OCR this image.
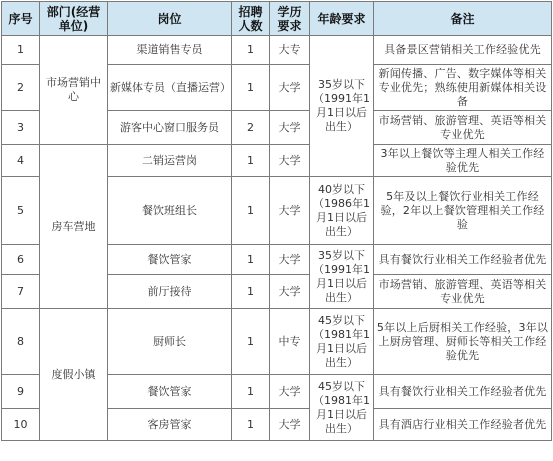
序号	部门(经营单位)	岗位	招聘人数	学历要求	年龄要求	备注
1	市场营销中心	渠道销售专员	1	大专	35岁以下（1991年1月1日以后出生）	具备景区营销相关工作经验优先
2		新媒体专员（直播运营）	1	大学		新闻传播、广告、数字媒体等相关专业优先；熟练使用新媒体相关设备
3		游客中心窗口服务员	2	大学		市场营销、旅游管理、英语等相关专业优先
4	房车营地	二销运营岗	1	大学		3年以上餐饮等主理人相关工作经验优先
5		餐饮班组长	1	大学	40岁以下（1986年1月1日以后出生）	5年及以上餐饮行业相关工作经验，2年以上餐饮管理相关工作经验
6		餐饮管家	1	大学	35岁以下（1991年1月1日以后出生）	具有餐饮行业相关工作经验者优先
7		前厅接待	1	大学		市场营销、旅游管理、英语等相关专业优先
8	度假小镇	厨师长	1	中专	45岁以下（1981年1月1日以后出生）	5年以上后厨相关工作经验，3年以上厨房管理、厨师长等相关工作经验优先
9		餐饮管家	1	大学	45岁以下（1981年1月1日以后出生）	具有餐饮行业相关工作经验者优先
10		客房管家	1	大学		具有酒店行业相关工作经验者优先
